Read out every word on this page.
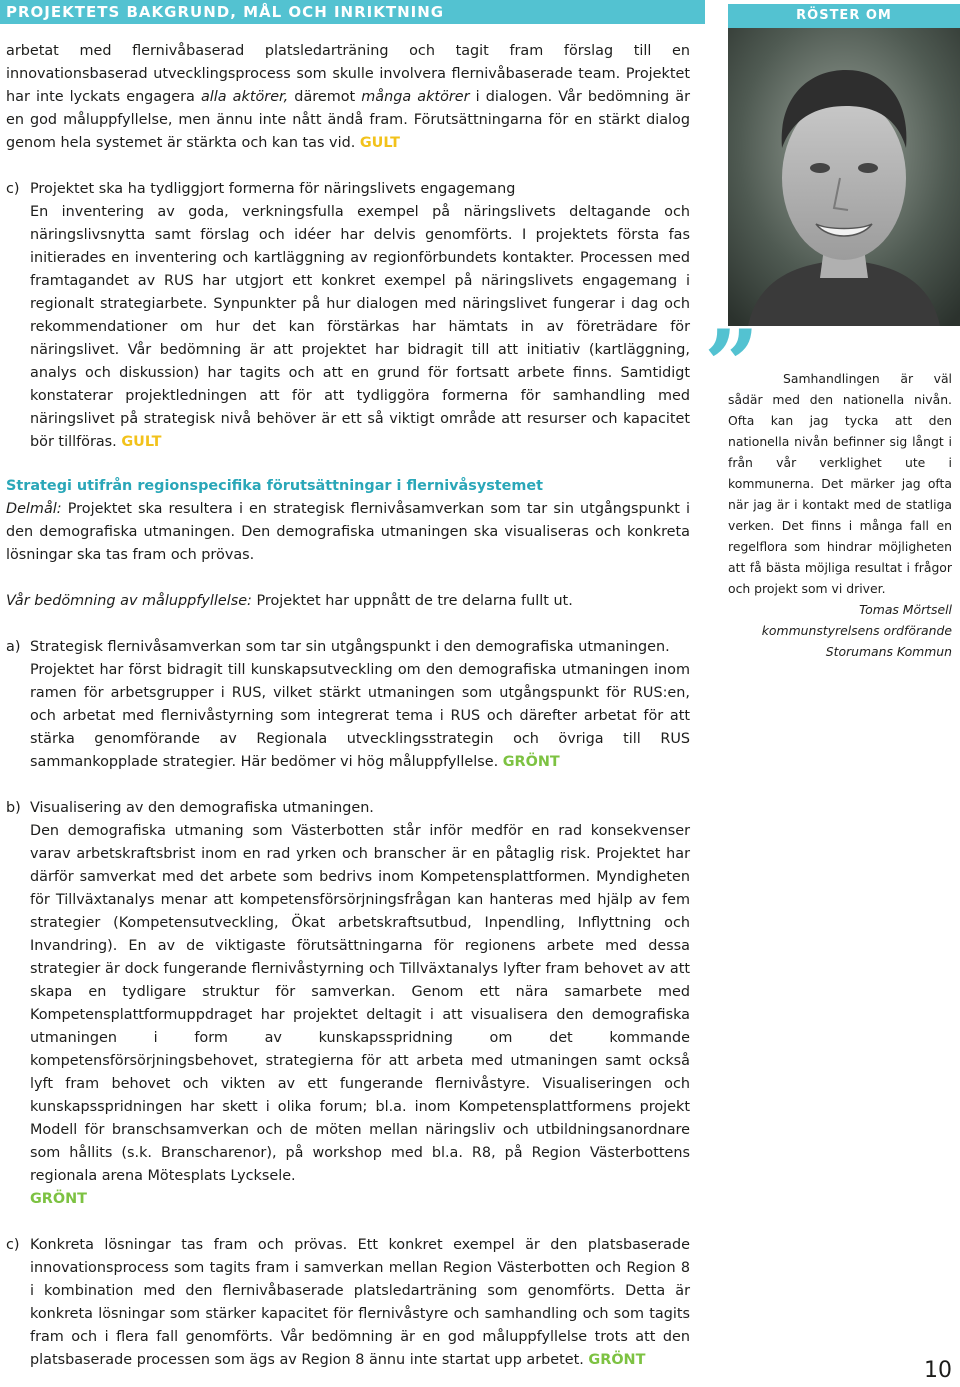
PROJEKTETS BAKGRUND, MÅL OCH INRIKTNING	RÖSTER OM

arbetat med flernivåbaserad platsledarträning och tagit fram förslag till en innovationsbaserad utvecklingsprocess som skulle involvera flernivåbaserade team. Projektet har inte lyckats engagera alla aktörer, däremot många aktörer i dialogen. Vår bedömning är en god måluppfyllelse, men ännu inte nått ändå fram. Förutsättningarna för en stärkt dialog genom hela systemet är stärkta och kan tas vid. GULT

c) Projektet ska ha tydliggjort formerna för näringslivets engagemang

En inventering av goda, verkningsfulla exempel på näringslivets deltagande och näringslivsnytta samt förslag och idéer har delvis genomförts. I projektets första fas initierades en inventering och kartläggning av regionförbundets kontakter. Processen med framtagandet av RUS har utgjort ett konkret exempel på näringslivets engagemang i regionalt strategiarbete. Synpunkter på hur dialogen med näringslivet fungerar i dag och rekommendationer om hur det kan förstärkas har hämtats in av företrädare för näringslivet. Vår bedömning är att projektet har bidragit till att initiativ (kartläggning, analys och diskussion) har tagits och att en grund för fortsatt arbete finns. Samtidigt konstaterar projektledningen att för att tydliggöra formerna för samhandling med näringslivet på strategisk nivå behöver är ett så viktigt område att resurser och kapacitet bör tillföras. GULT

Strategi utifrån regionspecifika förutsättningar i flernivåsystemet

Delmål: Projektet ska resultera i en strategisk flernivåsamverkan som tar sin utgångspunkt i den demografiska utmaningen. Den demografiska utmaningen ska visualiseras och konkreta lösningar ska tas fram och prövas.

Vår bedömning av måluppfyllelse: Projektet har uppnått de tre delarna fullt ut.

a) Strategisk flernivåsamverkan som tar sin utgångspunkt i den demografiska utmaningen.

Projektet har först bidragit till kunskapsutveckling om den demografiska utmaningen inom ramen för arbetsgrupper i RUS, vilket stärkt utmaningen som utgångspunkt för RUS:en, och arbetat med flernivåstyrning som integrerat tema i RUS och därefter arbetat för att stärka genomförande av Regionala utvecklingsstrategin och övriga till RUS sammankopplade strategier. Här bedömer vi hög måluppfyllelse. GRÖNT

b) Visualisering av den demografiska utmaningen.

Den demografiska utmaning som Västerbotten står inför medför en rad konsekvenser varav arbetskraftsbrist inom en rad yrken och branscher är en påtaglig risk. Projektet har därför samverkat med det arbete som bedrivs inom Kompetensplattformen. Myndigheten för Tillväxtanalys menar att kompetensförsörjningsfrågan kan hanteras med hjälp av fem strategier (Kompetensutveckling, Ökat arbetskraftsutbud, Inpendling, Inflyttning och Invandring). En av de viktigaste förutsättningarna för regionens arbete med dessa strategier är dock fungerande flernivåstyrning och Tillväxtanalys lyfter fram behovet av att skapa en tydligare struktur för samverkan. Genom ett nära samarbete med Kompetensplattformuppdraget har projektet deltagit i att visualisera den demografiska utmaningen i form av kunskapsspridning om det kommande kompetensförsörjningsbehovet, strategierna för att arbeta med utmaningen samt också lyft fram behovet och vikten av ett fungerande flernivåstyre. Visualiseringen och kunskapsspridningen har skett i olika forum; bl.a. inom Kompetensplattformens projekt Modell för branschsamverkan och de möten mellan näringsliv och utbildningsanordnare som hållits (s.k. Branscharenor), på workshop med bl.a. R8, på Region Västerbottens regionala arena Mötesplats Lycksele.

GRÖNT

c) Konkreta lösningar tas fram och prövas. Ett konkret exempel är den platsbaserade innovationsprocess som tagits fram i samverkan mellan Region Västerbotten och Region 8 i kombination med den flernivåbaserade platsledarträning som genomförts. Detta är konkreta lösningar som stärker kapacitet för flernivåstyre och samhandling och som tagits fram och i flera fall genomförts. Vår bedömning är en god måluppfyllelse trots att den platsbaserade processen som ägs av Region 8 ännu inte startat upp arbetet. GRÖNT

”	Samhandlingen är väl sådär med den nationella nivån. Ofta kan jag tycka att den nationella nivån befinner sig långt i från vår verklighet ute i kommunerna. Det märker jag ofta när jag är i kontakt med de statliga verken. Det finns i många fall en regelflora som hindrar möjligheten att få bästa möjliga resultat i frågor och projekt som vi driver.

Tomas Mörtsell

kommunstyrelsens ordförande

Storumans Kommun

10
